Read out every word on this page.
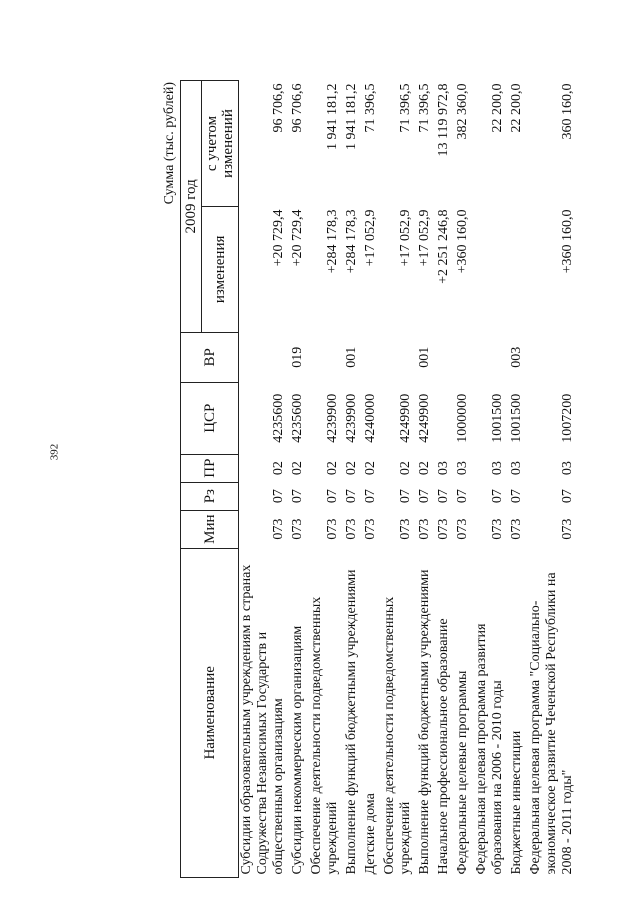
392
Сумма (тыс. рублей)
Наименование	Мин	Рз	ПР	ЦСР	ВР	2009 год	
						изменения	с учетом изменений
Субсидии образовательным учреждениям в странах Содружества Независимых Государств и общественным организациям	073	07	02	4235600		+20 729,4	96 706,6
Субсидии некоммерческим организациям	073	07	02	4235600	019	+20 729,4	96 706,6
Обеспечение деятельности подведомственных учреждений	073	07	02	4239900		+284 178,3	1 941 181,2
Выполнение функций бюджетными учреждениями	073	07	02	4239900	001	+284 178,3	1 941 181,2
Детские дома	073	07	02	4240000		+17 052,9	71 396,5
Обеспечение деятельности подведомственных учреждений	073	07	02	4249900		+17 052,9	71 396,5
Выполнение функций бюджетными учреждениями	073	07	02	4249900	001	+17 052,9	71 396,5
Начальное профессиональное образование	073	07	03			+2 251 246,8	13 119 972,8
Федеральные целевые программы	073	07	03	1000000		+360 160,0	382 360,0
Федеральная целевая программа развития образования на 2006 - 2010 годы	073	07	03	1001500			22 200,0
Бюджетные инвестиции	073	07	03	1001500	003		22 200,0
Федеральная целевая программа "Социально-экономическое развитие Чеченской Республики на 2008 - 2011 годы"	073	07	03	1007200		+360 160,0	360 160,0
